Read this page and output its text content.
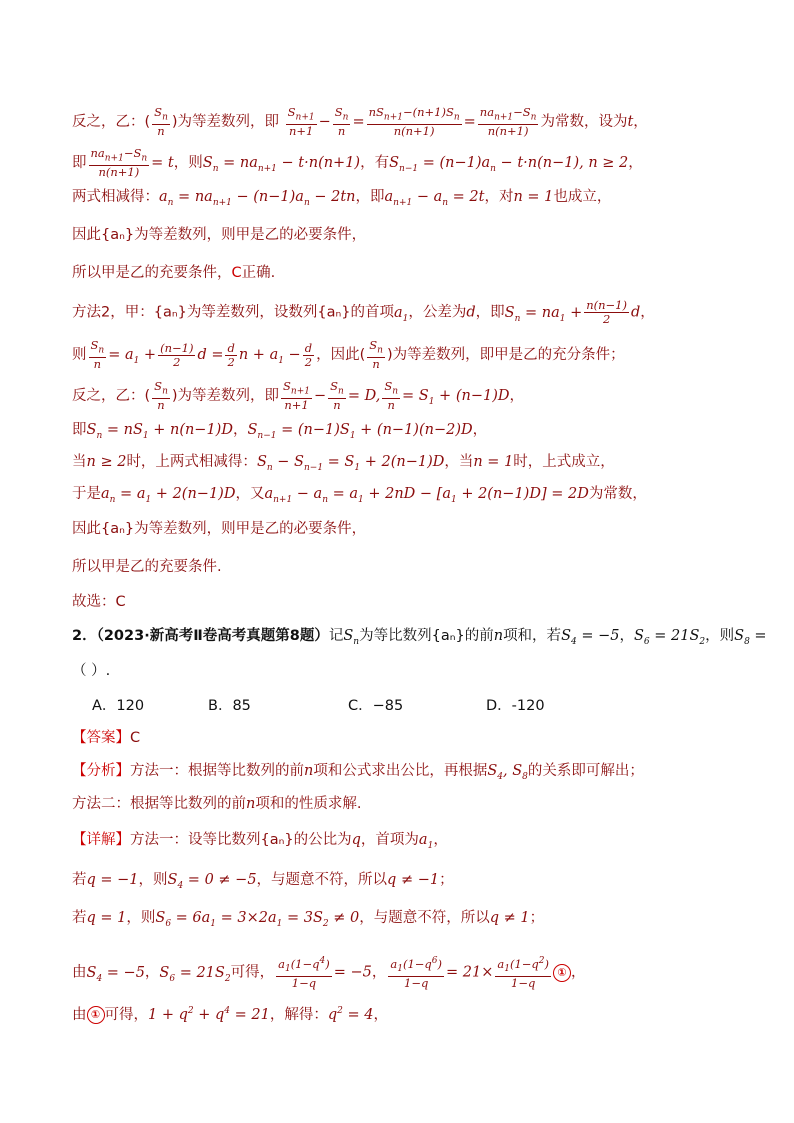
反之，乙：( $\frac{S_n}{n}$ )为等差数列，即 $\frac{S_{n+1}}{n+1} - \frac{S_n}{n} = \frac{nS_{n+1}-(n+1)S_n}{n(n+1)} = \frac{na_{n+1}-S_n}{n(n+1)}$ 为常数，设为t，
即 $\frac{na_{n+1}-S_n}{n(n+1)} = t$，则$S_n = na_{n+1} - t\cdot n(n+1)$，有$S_{n-1} = (n-1)a_n - t\cdot n(n-1)$, n ≥ 2，
两式相减得：$a_n = na_{n+1} - (n-1)a_n - 2tn$，即$a_{n+1} - a_n = 2t$，对n = 1也成立，
因此{aₙ}为等差数列，则甲是乙的必要条件，
所以甲是乙的充要条件，C正确.
方法2，甲：{aₙ}为等差数列，设数列{aₙ}的首项$a_1$，公差为d，即$S_n = na_1 + \frac{n(n-1)}{2}$ d，
则 $\frac{S_n}{n} = a_1 + \frac{(n-1)}{2}$ $d = \frac{d}{2}$ $n + a_1 - \frac{d}{2}$ ，因此( $\frac{S_n}{n}$ )为等差数列，即甲是乙的充分条件；
反之，乙：( $\frac{S_n}{n}$ )为等差数列，即 $\frac{S_{n+1}}{n+1} - \frac{S_n}{n} = D$, $\frac{S_n}{n} = S_1 + (n-1)D$，
即$S_n = nS_1 + n(n-1)D$，$S_{n-1} = (n-1)S_1 + (n-1)(n-2)D$，
当n ≥ 2时，上两式相减得：$S_n - S_{n-1} = S_1 + 2(n-1)D$，当n = 1时，上式成立，
于是$a_n = a_1 + 2(n-1)D$，又$a_{n+1} - a_n = a_1 + 2nD - [a_1 + 2(n-1)D] = 2D$为常数，
因此{aₙ}为等差数列，则甲是乙的必要条件，
所以甲是乙的充要条件.
故选：C
2．（2023·新高考Ⅱ卷高考真题第8题）记$S_n$为等比数列{aₙ}的前n项和，若$S_4 = -5$，$S_6 = 21S_2$，则$S_8$ =
（ ）.
A．120	B．85	C．−85	D．-120
【答案】C
【分析】方法一：根据等比数列的前n项和公式求出公比，再根据$S_4$, $S_8$的关系即可解出；
方法二：根据等比数列的前n项和的性质求解.
【详解】方法一：设等比数列{aₙ}的公比为q，首项为$a_1$，
若q = −1，则$S_4 = 0 \ne -5$，与题意不符，所以q ≠ −1；
若q = 1，则$S_6 = 6a_1 = 3\times 2a_1 = 3S_2 \ne 0$，与题意不符，所以q ≠ 1；
由$S_4 = -5$，$S_6 = 21S_2$可得， $\frac{a_1(1-q^4)}{1-q} = -5$， $\frac{a_1(1-q^6)}{1-q} = 21\times \frac{a_1(1-q^2)}{1-q}$ ① ，
由 ① 可得，$1 + q^2 + q^4 = 21$，解得：$q^2 = 4$，
